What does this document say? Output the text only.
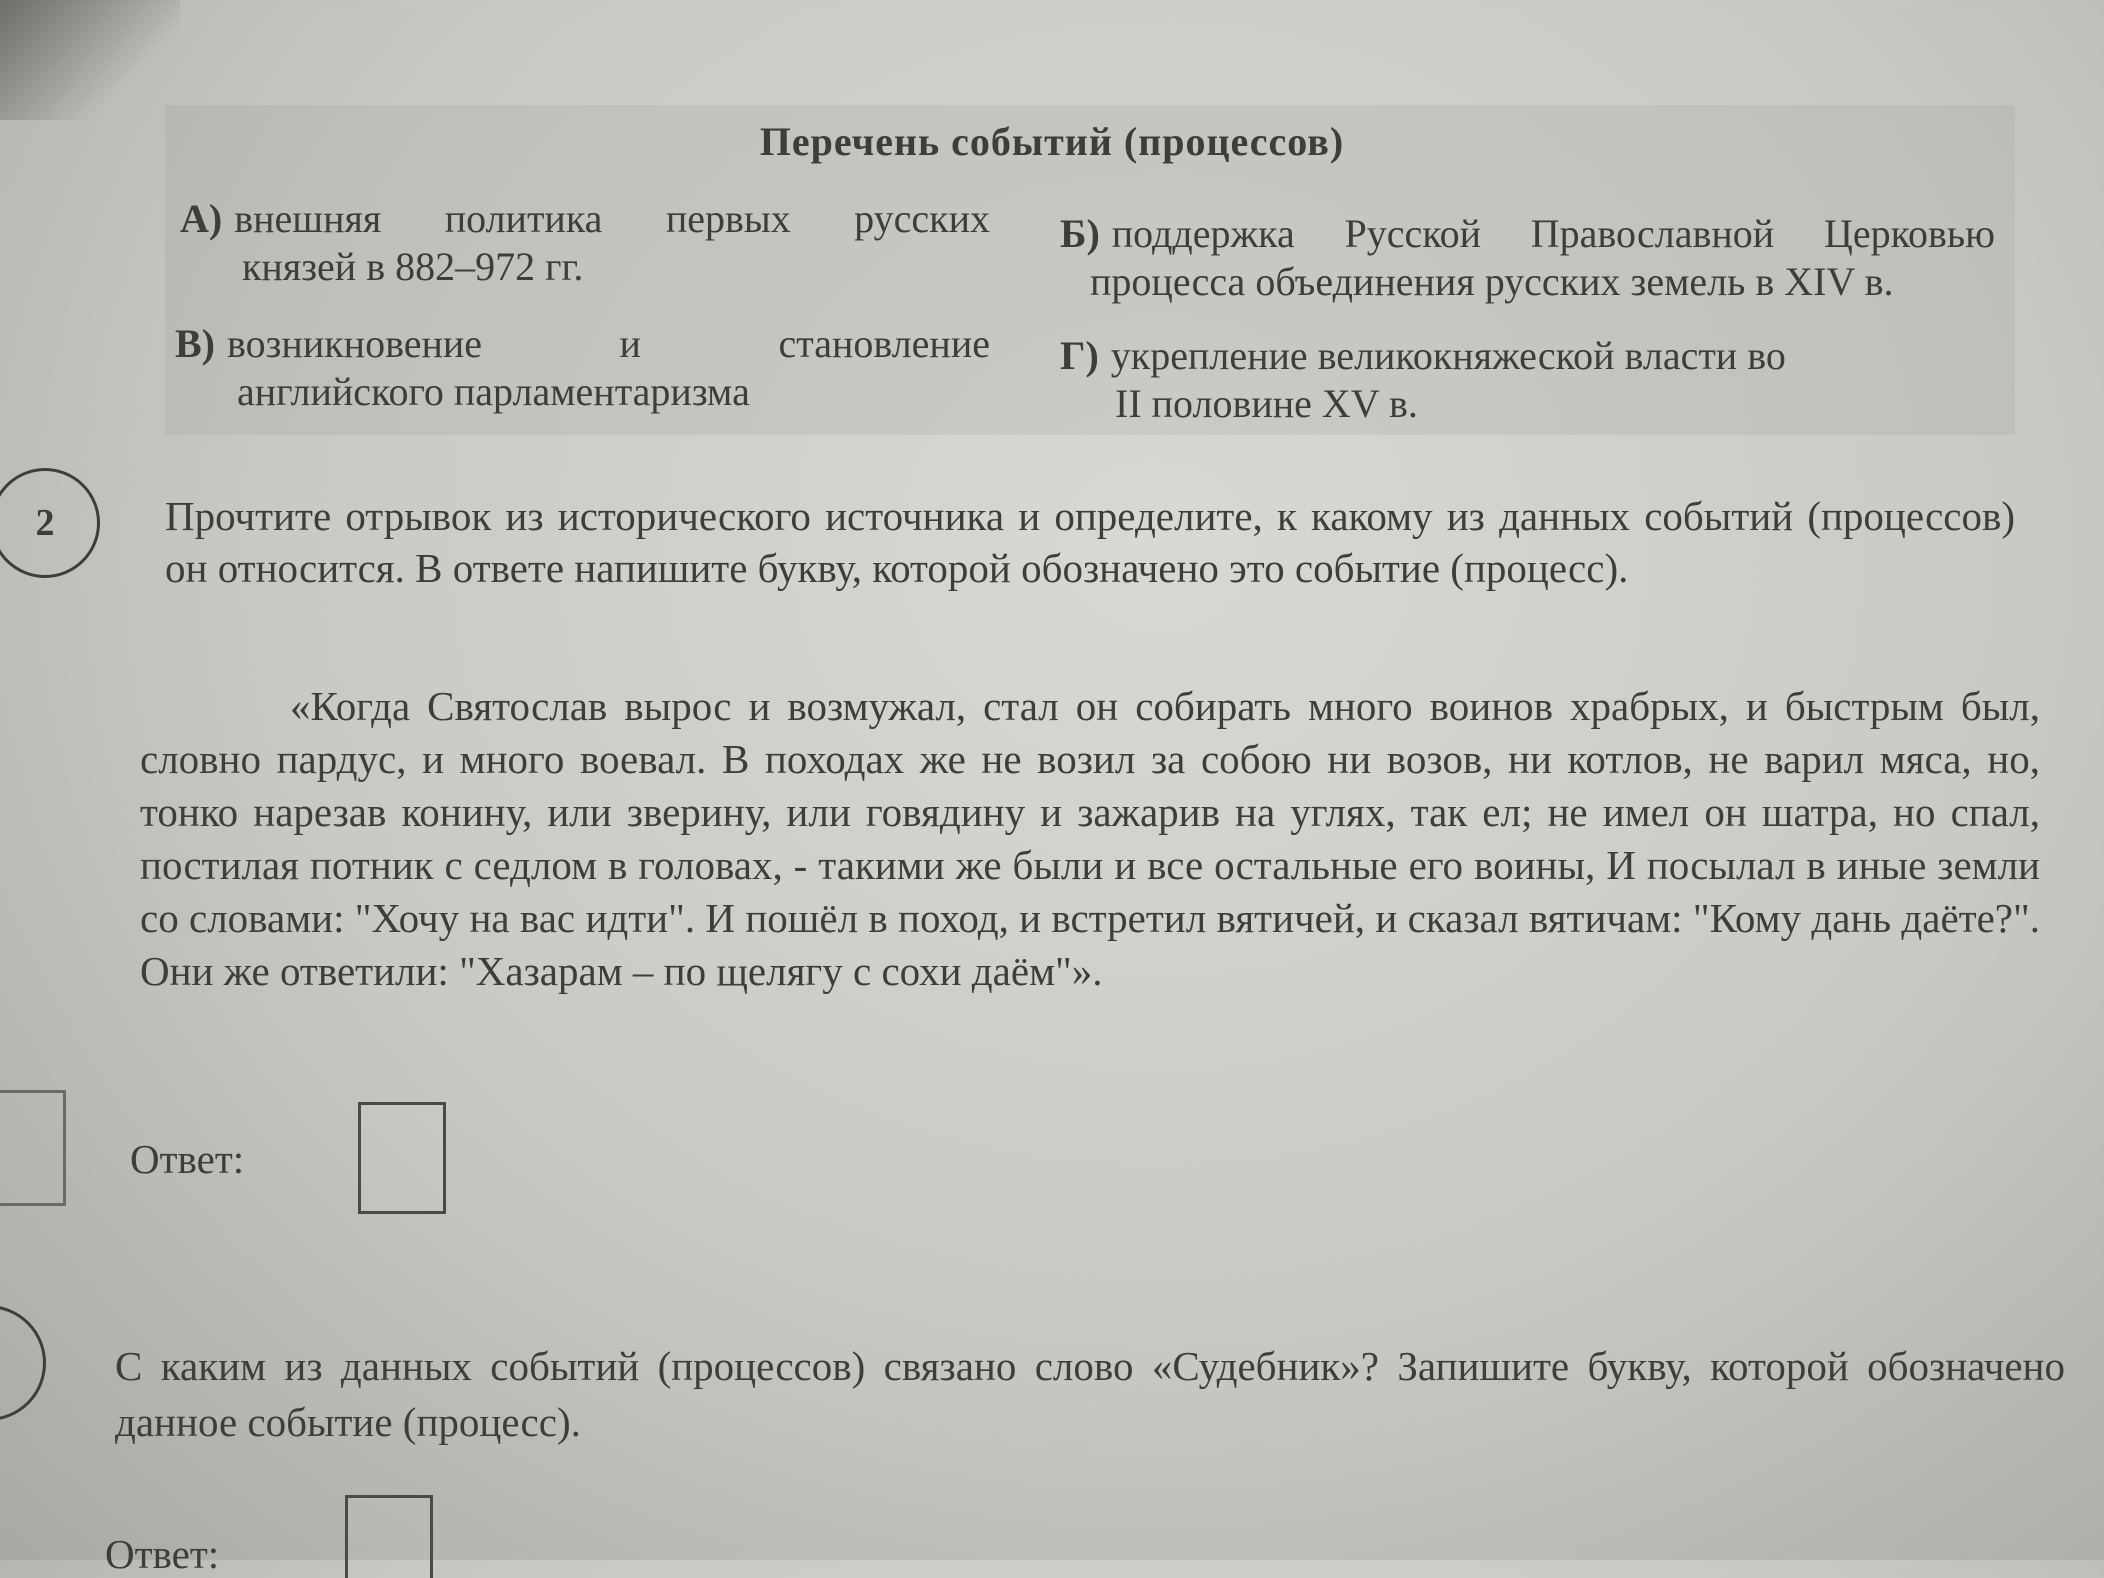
Перечень событий (процессов)
А) внешняя политика первых русских
князей в 882–972 гг.
Б) поддержка Русской Православной Церковью
процесса объединения русских земель в XIV в.
В) возникновение и становление
английского парламентаризма
Г) укрепление великокняжеской власти во
II половине XV в.
2	Прочтите отрывок из исторического источника и определите, к какому из данных событий (процессов) он относится. В ответе напишите букву, которой обозначено это событие (процесс).
«Когда Святослав вырос и возмужал, стал он собирать много воинов храбрых, и быстрым был, словно пардус, и много воевал. В походах же не возил за собою ни возов, ни котлов, не варил мяса, но, тонко нарезав конину, или зверину, или говядину и зажарив на углях, так ел; не имел он шатра, но спал, постилая потник с седлом в головах, - такими же были и все остальные его воины, И посылал в иные земли со словами: "Хочу на вас идти". И пошёл в поход, и встретил вятичей, и сказал вятичам: "Кому дань даёте?". Они же ответили: "Хазарам – по щелягу с сохи даём"».
Ответ:
С каким из данных событий (процессов) связано слово «Судебник»? Запишите букву, которой обозначено данное событие (процесс).
Ответ:
